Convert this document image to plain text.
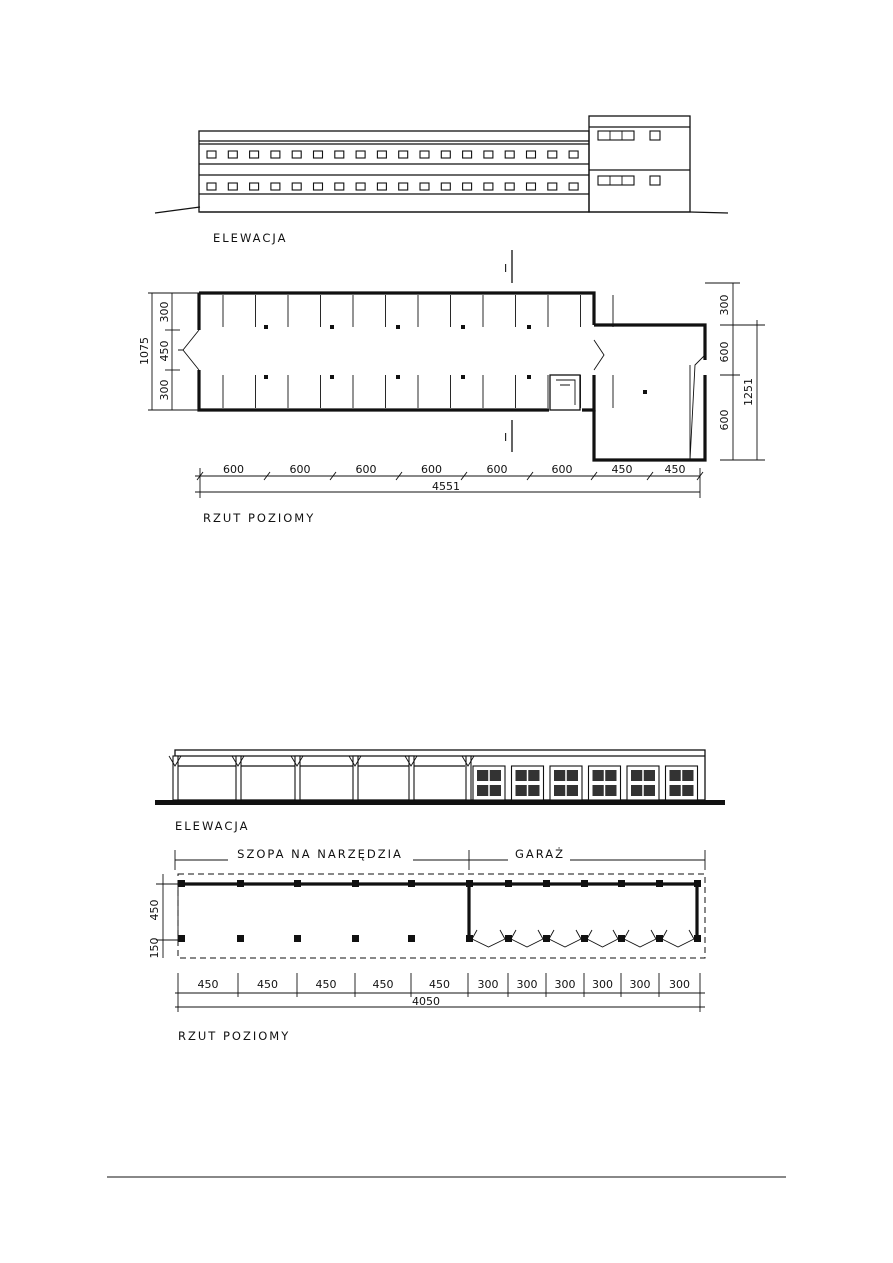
ELEWACJA
I
I
300
450
300
1075
300
600
600
1251
600	600	600	600	600	600	450	450
4551
RZUT POZIOMY
ELEWACJA
SZOPA NA NARZĘDZIA	GARAŻ
450
150
450	450	450	450	450	300 300 300 300 300 300
4050
RZUT POZIOMY
